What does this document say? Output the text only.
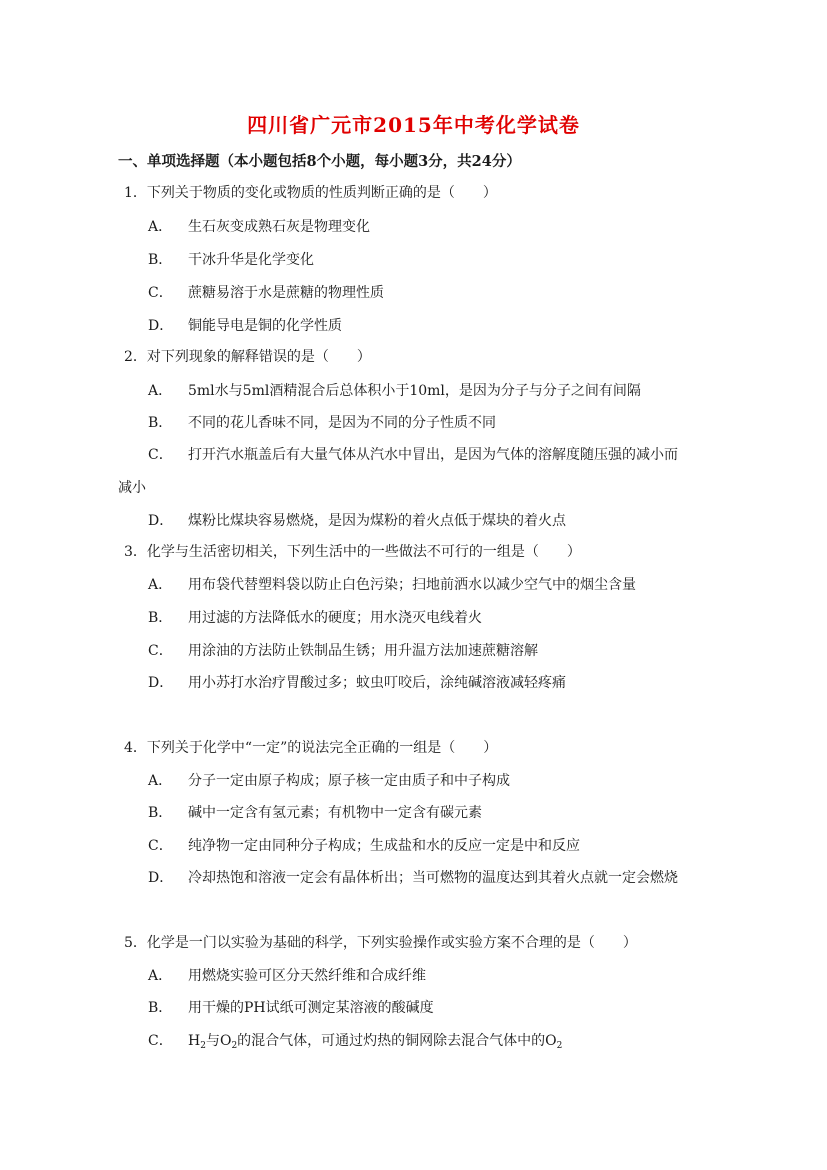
四川省广元市2015年中考化学试卷
一、单项选择题（本小题包括8个小题，每小题3分，共24分）
1．下列关于物质的变化或物质的性质判断正确的是（　　）
A． 生石灰变成熟石灰是物理变化
B． 干冰升华是化学变化
C． 蔗糖易溶于水是蔗糖的物理性质
D． 铜能导电是铜的化学性质
2．对下列现象的解释错误的是（　　）
A． 5ml水与5ml酒精混合后总体积小于10ml，是因为分子与分子之间有间隔
B． 不同的花儿香味不同，是因为不同的分子性质不同
C． 打开汽水瓶盖后有大量气体从汽水中冒出，是因为气体的溶解度随压强的减小而
减小
D． 煤粉比煤块容易燃烧，是因为煤粉的着火点低于煤块的着火点
3．化学与生活密切相关，下列生活中的一些做法不可行的一组是（　　）
A． 用布袋代替塑料袋以防止白色污染；扫地前洒水以减少空气中的烟尘含量
B． 用过滤的方法降低水的硬度；用水浇灭电线着火
C． 用涂油的方法防止铁制品生锈；用升温方法加速蔗糖溶解
D． 用小苏打水治疗胃酸过多；蚊虫叮咬后，涂纯碱溶液减轻疼痛
4．下列关于化学中“一定”的说法完全正确的一组是（　　）
A． 分子一定由原子构成；原子核一定由质子和中子构成
B． 碱中一定含有氢元素；有机物中一定含有碳元素
C． 纯净物一定由同种分子构成；生成盐和水的反应一定是中和反应
D． 冷却热饱和溶液一定会有晶体析出；当可燃物的温度达到其着火点就一定会燃烧
5．化学是一门以实验为基础的科学，下列实验操作或实验方案不合理的是（　　）
A． 用燃烧实验可区分天然纤维和合成纤维
B． 用干燥的PH试纸可测定某溶液的酸碱度
C． $H_2$与$O_2$的混合气体，可通过灼热的铜网除去混合气体中的$O_2$
